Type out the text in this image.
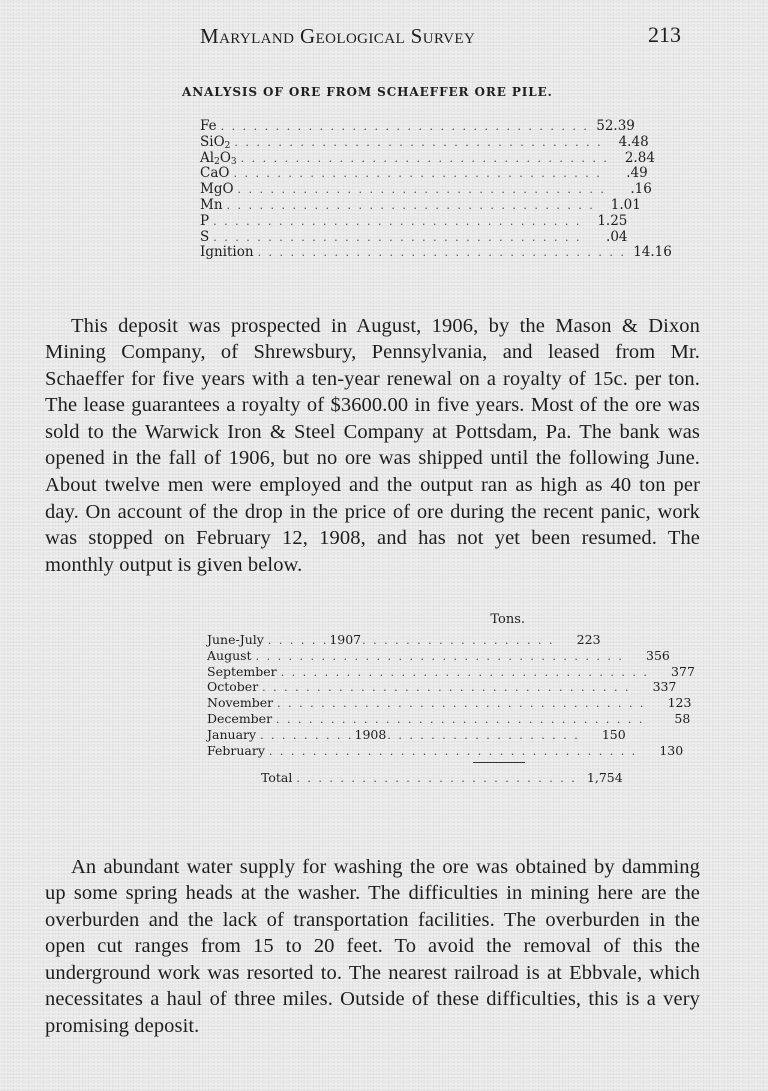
Maryland Geological Survey	213
ANALYSIS OF ORE FROM SCHAEFFER ORE PILE.
Fe . . . . . . . . . . . . . . . . . . . . . . . . . . . . . . . . . . 52.39
SiO$_2$ . . . . . . . . . . . . . . . . . . . . . . . . . . . . . . . . . .	4.48
$Al_2O_3$ . . . . . . . . . . . . . . . . . . . . . . . . . . . . . . . . . .	2.84
CaO . . . . . . . . . . . . . . . . . . . . . . . . . . . . . . . . . .	.49
MgO . . . . . . . . . . . . . . . . . . . . . . . . . . . . . . . . . .	.16
Mn . . . . . . . . . . . . . . . . . . . . . . . . . . . . . . . . . .	1.01
P . . . . . . . . . . . . . . . . . . . . . . . . . . . . . . . . . .	1.25
S . . . . . . . . . . . . . . . . . . . . . . . . . . . . . . . . . .	.04
Ignition . . . . . . . . . . . . . . . . . . . . . . . . . . . . . . . . . . 14.16

This deposit was prospected in August, 1906, by the Mason & Dixon Mining Company, of Shrewsbury, Pennsylvania, and leased from Mr. Schaeffer for five years with a ten-year renewal on a royalty of 15c. per ton. The lease guarantees a royalty of $3600.00 in five years. Most of the ore was sold to the Warwick Iron & Steel Company at Pottsdam, Pa. The bank was opened in the fall of 1906, but no ore was shipped until the following June. About twelve men were employed and the output ran as high as 40 ton per day. On account of the drop in the price of ore during the recent panic, work was stopped on February 12, 1908, and has not yet been resumed. The monthly output is given below.

Tons.
June-July . . . . . . 1907 . . . . . . . . . . . . . . . . . .	223
August . . . . . . . . . . . . . . . . . . . . . . . . . . . . . . . . . .	356
September . . . . . . . . . . . . . . . . . . . . . . . . . . . . . . . . . .	377
October . . . . . . . . . . . . . . . . . . . . . . . . . . . . . . . . . .	337
November . . . . . . . . . . . . . . . . . . . . . . . . . . . . . . . . . .	123
December . . . . . . . . . . . . . . . . . . . . . . . . . . . . . . . . . .	58
January . . . . . . . . . 1908 . . . . . . . . . . . . . . . . . .	150
February . . . . . . . . . . . . . . . . . . . . . . . . . . . . . . . . . .	130
Total . . . . . . . . . . . . . . . . . . . . . . . . . . 1,754

An abundant water supply for washing the ore was obtained by damming up some spring heads at the washer. The difficulties in mining here are the overburden and the lack of transportation facilities. The overburden in the open cut ranges from 15 to 20 feet. To avoid the removal of this the underground work was resorted to. The nearest railroad is at Ebbvale, which necessitates a haul of three miles. Outside of these difficulties, this is a very promising deposit.
